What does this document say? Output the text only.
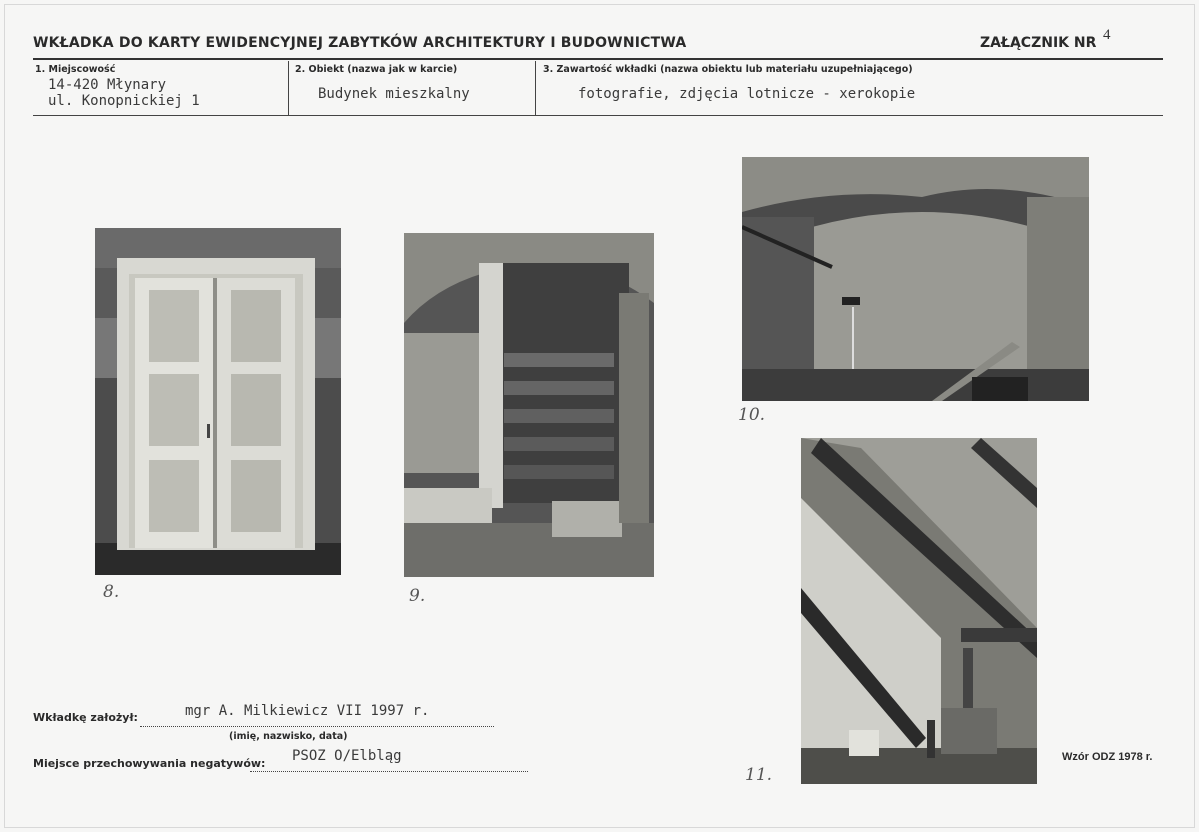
WKŁADKA DO KARTY EWIDENCYJNEJ ZABYTKÓW ARCHITEKTURY I BUDOWNICTWA	ZAŁĄCZNIK NR 4
1. Miejscowość
14-420 Młynary
ul. Konopnickiej 1
2. Obiekt (nazwa jak w karcie)
Budynek mieszkalny
3. Zawartość wkładki (nazwa obiektu lub materiału uzupełniającego)
fotografie, zdjęcia lotnicze - xerokopie
8.	9.
10.
11.
Wkładkę założył:	mgr A. Milkiewicz VII 1997 r.
(imię, nazwisko, data)
Miejsce przechowywania negatywów: PSOZ O/Elbląg	Wzór ODZ 1978 r.
